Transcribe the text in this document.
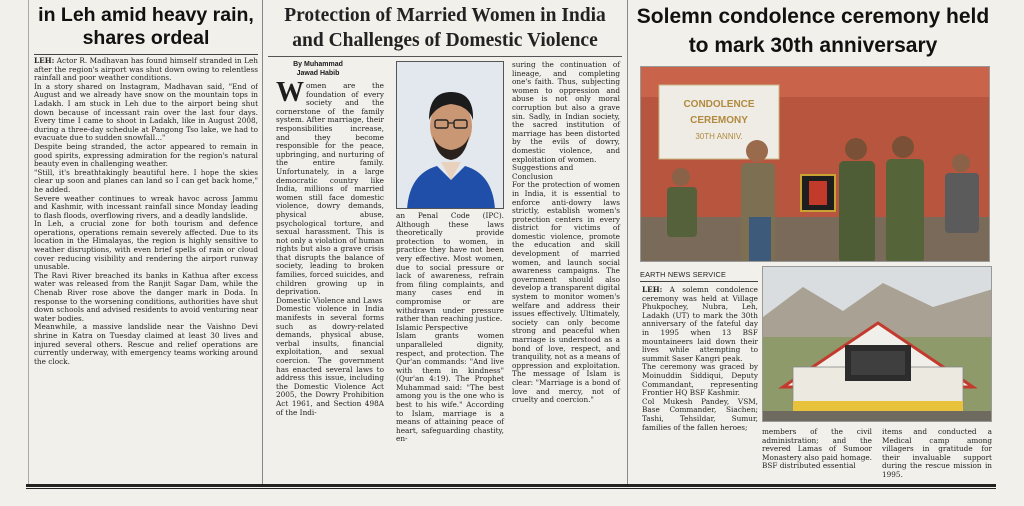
in Leh amid heavy rain, shares ordeal

LEH: Actor R. Madhavan has found himself stranded in Leh after the region's airport was shut down owing to relentless rainfall and poor weather conditions.

In a story shared on Instagram, Madhavan said, "End of August and we already have snow on the mountain tops in Ladakh. I am stuck in Leh due to the airport being shut down because of incessant rain over the last four days. Every time I came to shoot in Ladakh, like in August 2008, during a three-day schedule at Pangong Tso lake, we had to evacuate due to sudden snowfall..."

Despite being stranded, the actor appeared to remain in good spirits, expressing admiration for the region's natural beauty even in challenging weather.

"Still, it's breathtakingly beautiful here. I hope the skies clear up soon and planes can land so I can get back home," he added.

Severe weather continues to wreak havoc across Jammu and Kashmir, with incessant rainfall since Monday leading to flash floods, overflowing rivers, and a deadly landslide.

In Leh, a crucial zone for both tourism and defence operations, operations remain severely affected. Due to its location in the Himalayas, the region is highly sensitive to weather disruptions, with even brief spells of rain or cloud cover reducing visibility and rendering the airport runway unusable.

The Ravi River breached its banks in Kathua after excess water was released from the Ranjit Sagar Dam, while the Chenab River rose above the danger mark in Doda. In response to the worsening conditions, authorities have shut down schools and advised residents to avoid venturing near water bodies.

Meanwhile, a massive landslide near the Vaishno Devi shrine in Katra on Tuesday claimed at least 30 lives and injured several others. Rescue and relief operations are currently underway, with emergency teams working around the clock.

Protection of Married Women in India and Challenges of Domestic Violence
By Muhammad
Jawad Habib

Women are the foundation of every society and the cornerstone of the family system. After marriage, their responsibilities increase, and they become responsible for the peace, upbringing, and nurturing of the entire family. Unfortunately, in a large democratic country like India, millions of married women still face domestic violence, dowry demands, physical abuse, psychological torture, and sexual harassment. This is not only a violation of human rights but also a grave crisis that disrupts the balance of society, leading to broken families, forced suicides, and children growing up in deprivation.

Domestic Violence and Laws

Domestic violence in India manifests in several forms such as dowry-related demands, physical abuse, verbal insults, financial exploitation, and sexual coercion. The government has enacted several laws to address this issue, including the Domestic Violence Act 2005, the Dowry Prohibition Act 1961, and Section 498A of the Indi-

an Penal Code (IPC). Although these laws theoretically provide protection to women, in practice they have not been very effective. Most women, due to social pressure or lack of awareness, refrain from filing complaints, and many cases end in compromise or are withdrawn under pressure rather than reaching justice.

Islamic Perspective

Islam grants women unparalleled dignity, respect, and protection. The Qur'an commands: "And live with them in kindness" (Qur'an 4:19). The Prophet Muhammad said: "The best among you is the one who is best to his wife." According to Islam, marriage is a means of attaining peace of heart, safeguarding chastity, en-

suring the continuation of lineage, and completing one's faith. Thus, subjecting women to oppression and abuse is not only moral corruption but also a grave sin. Sadly, in Indian society, the sacred institution of marriage has been distorted by the evils of dowry, domestic violence, and exploitation of women.

Suggestions and
Conclusion

For the protection of women in India, it is essential to enforce anti-dowry laws strictly, establish women's protection centers in every district for victims of domestic violence, promote the education and skill development of married women, and launch social awareness campaigns. The government should also develop a transparent digital system to monitor women's welfare and address their issues effectively. Ultimately, society can only become strong and peaceful when marriage is understood as a bond of love, respect, and tranquility, not as a means of oppression and exploitation. The message of Islam is clear: "Marriage is a bond of love and mercy, not of cruelty and coercion."

Solemn condolence ceremony held to mark 30th anniversary
CONDOLENCE
CEREMONY
30TH ANNIV.
EARTH NEWS SERVICE

LEH: A solemn condolence ceremony was held at Village Phukpochey, Nubra, Leh, Ladakh (UT) to mark the 30th anniversary of the fateful day in 1995 when 13 BSF mountaineers laid down their lives while attempting to summit Saser Kangri peak.

The ceremony was graced by Moinuddin Siddiqui, Deputy Commandant, representing Frontier HQ BSF Kashmir.

Col Mukesh Pandey, VSM, Base Commander, Siachen; Tashi, Tehsildar, Sumur, families of the fallen heroes;	members of the civil administration; and the revered Lamas of Sumoor Monastery also paid homage. BSF distributed essential

items and conducted a Medical camp among villagers in gratitude for their invaluable support during the rescue mission in 1995.
